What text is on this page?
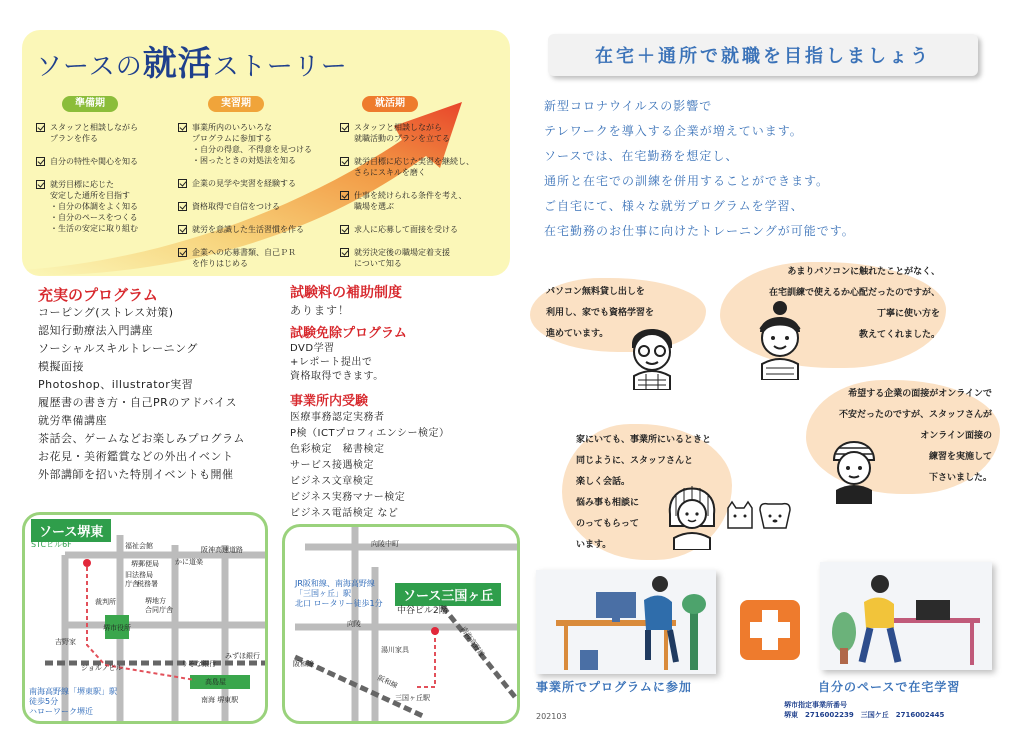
ソースの就活ストーリー
準備期
スタッフと相談しながら
プランを作る
自分の特性や関心を知る
就労目標に応じた
安定した通所を目指す
・自分の体調をよく知る
・自分のペースをつくる
・生活の安定に取り組む
実習期
事業所内のいろいろな
プログラムに参加する
・自分の得意、不得意を見つける
・困ったときの対処法を知る
企業の見学や実習を経験する
資格取得で自信をつける
就労を意識した生活習慣を作る
企業への応募書類、自己ＰＲ
を作りはじめる
就活期
スタッフと相談しながら
就職活動のプランを立てる
就労目標に応じた実習を継続し、
さらにスキルを磨く
仕事を続けられる条件を考え、
職場を選ぶ
求人に応募して面接を受ける
就労決定後の職場定着支援
について知る
充実のプログラム
コーピング(ストレス対策)
認知行動療法入門講座
ソーシャルスキルトレーニング
模擬面接
Photoshop、illustrator実習
履歴書の書き方・自己PRのアドバイス
就労準備講座
茶話会、ゲームなどお楽しみプログラム
お花見・美術鑑賞などの外出イベント
外部講師を招いた特別イベントも開催
試験料の補助制度
あります！
試験免除プログラム
DVD学習
+レポート提出で
資格取得できます。
事業所内受験
医療事務認定実務者
P検（ICTプロフィエンシー検定）
色彩検定　秘書検定
サービス接遇検定
ビジネス文章検定
ビジネス実務マナー検定
ビジネス電話検定 など
ソース堺東
STCビル6F	福祉会館
堺郵便局
旧法務局
庁舎
税務署
裁判所	堺地方
合同庁舎
堺市役所
吉野家
ジョルノビル	りそな銀行
みずほ銀行
高島屋
南海 堺東駅
かに道楽
阪神高速道路
南海高野線「堺東駅」駅
徒歩5分
ハローワーク堺近
ソース三国ヶ丘
中谷ビル2階
向陵中町
向陵
湯川家具	南海高野線
阪和線
阪和線
三国ヶ丘駅
JR阪和線、南海高野線
「三国ヶ丘」駅
北口 ロータリー徒歩1分
在宅＋通所で就職を目指しましょう
新型コロナウイルスの影響で
テレワークを導入する企業が増えています。
ソースでは、在宅勤務を想定し、
通所と在宅での訓練を併用することができます。
ご自宅にて、様々な就労プログラムを学習、
在宅勤務のお仕事に向けたトレーニングが可能です。
パソコン無料貸し出しを
利用し、家でも資格学習を
進めています。
あまりパソコンに触れたことがなく、
在宅訓練で使えるか心配だったのですが、
丁寧に使い方を
教えてくれました。
希望する企業の面接がオンラインで
不安だったのですが、スタッフさんが
オンライン面接の
練習を実施して
下さいました。
家にいても、事業所にいるときと
同じように、スタッフさんと
楽しく会話。
悩み事も相談に
のってもらって
います。
事業所でプログラムに参加	自分のペースで在宅学習
202103
堺市指定事業所番号
堺東　2716002239　三国ケ丘　2716002445
